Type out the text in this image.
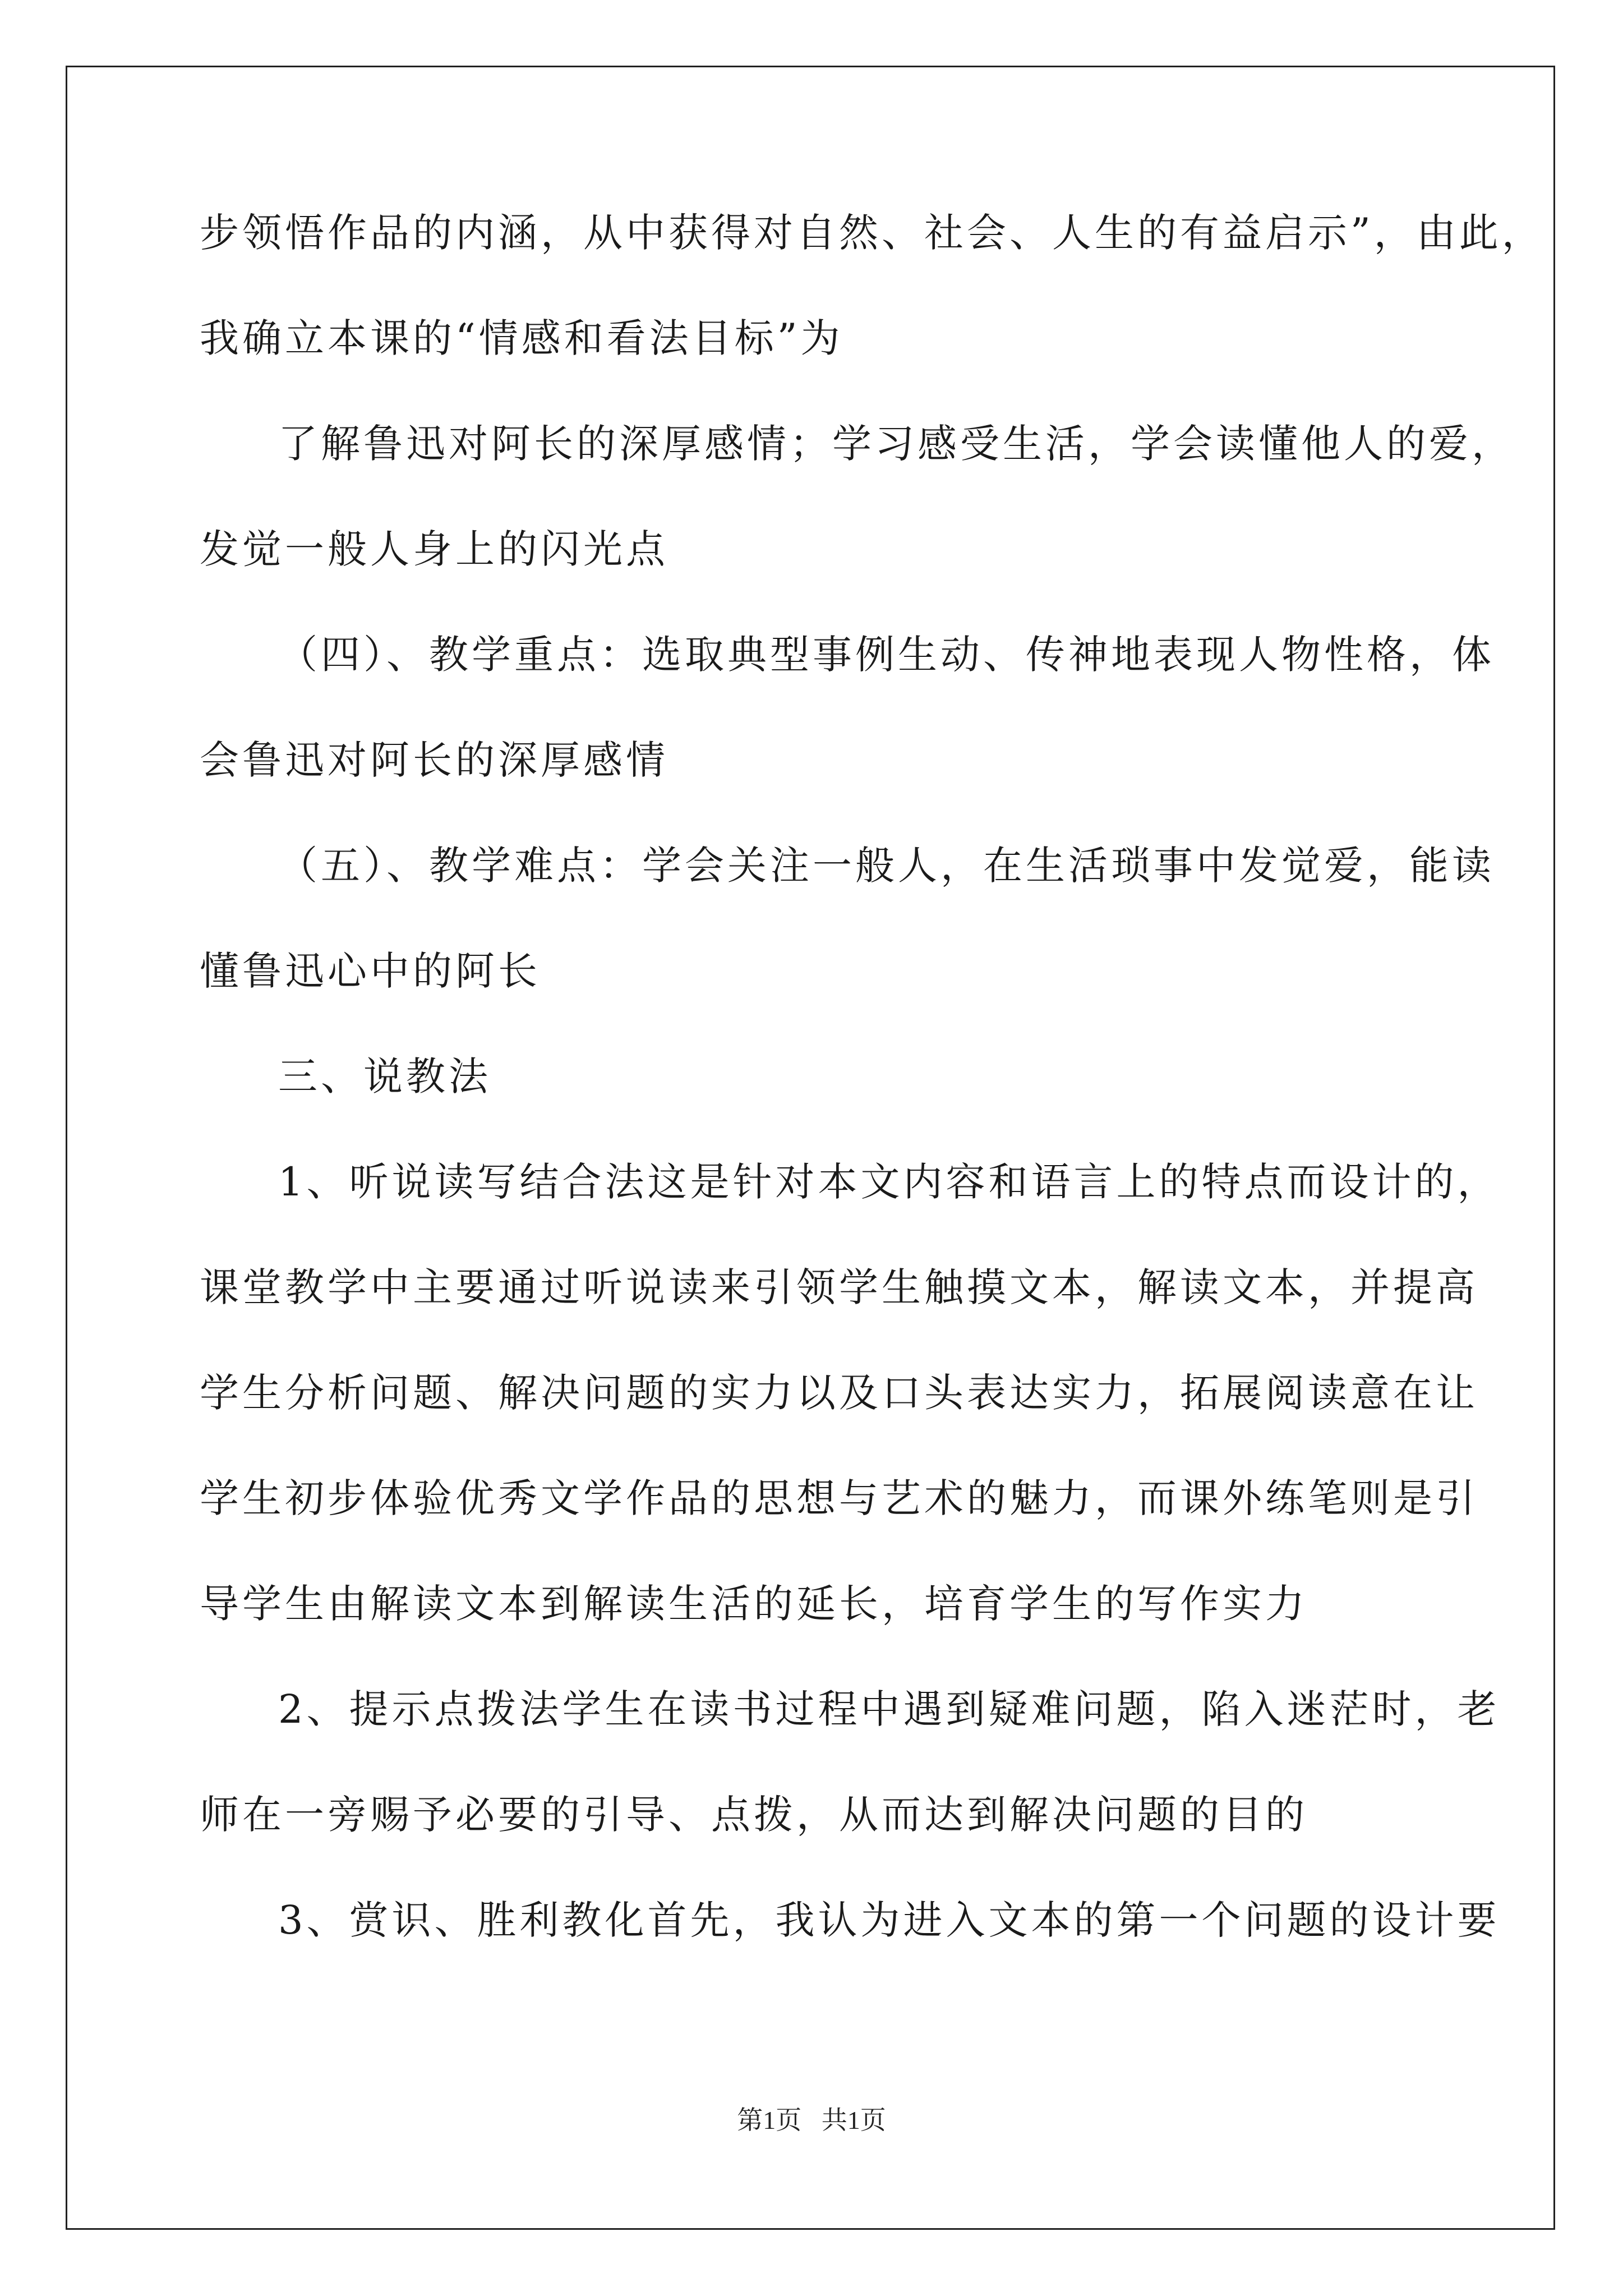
步领悟作品的内涵，从中获得对自然、社会、人生的有益启示”，由此，
我确立本课的“情感和看法目标”为
了解鲁迅对阿长的深厚感情；学习感受生活，学会读懂他人的爱，
发觉一般人身上的闪光点
（四）、教学重点：选取典型事例生动、传神地表现人物性格，体
会鲁迅对阿长的深厚感情
（五）、教学难点：学会关注一般人，在生活琐事中发觉爱，能读
懂鲁迅心中的阿长
三、说教法
1、听说读写结合法这是针对本文内容和语言上的特点而设计的，
课堂教学中主要通过听说读来引领学生触摸文本，解读文本，并提高
学生分析问题、解决问题的实力以及口头表达实力，拓展阅读意在让
学生初步体验优秀文学作品的思想与艺术的魅力，而课外练笔则是引
导学生由解读文本到解读生活的延长，培育学生的写作实力
2、提示点拨法学生在读书过程中遇到疑难问题，陷入迷茫时，老
师在一旁赐予必要的引导、点拨，从而达到解决问题的目的
3、赏识、胜利教化首先，我认为进入文本的第一个问题的设计要
第1页 共1页
